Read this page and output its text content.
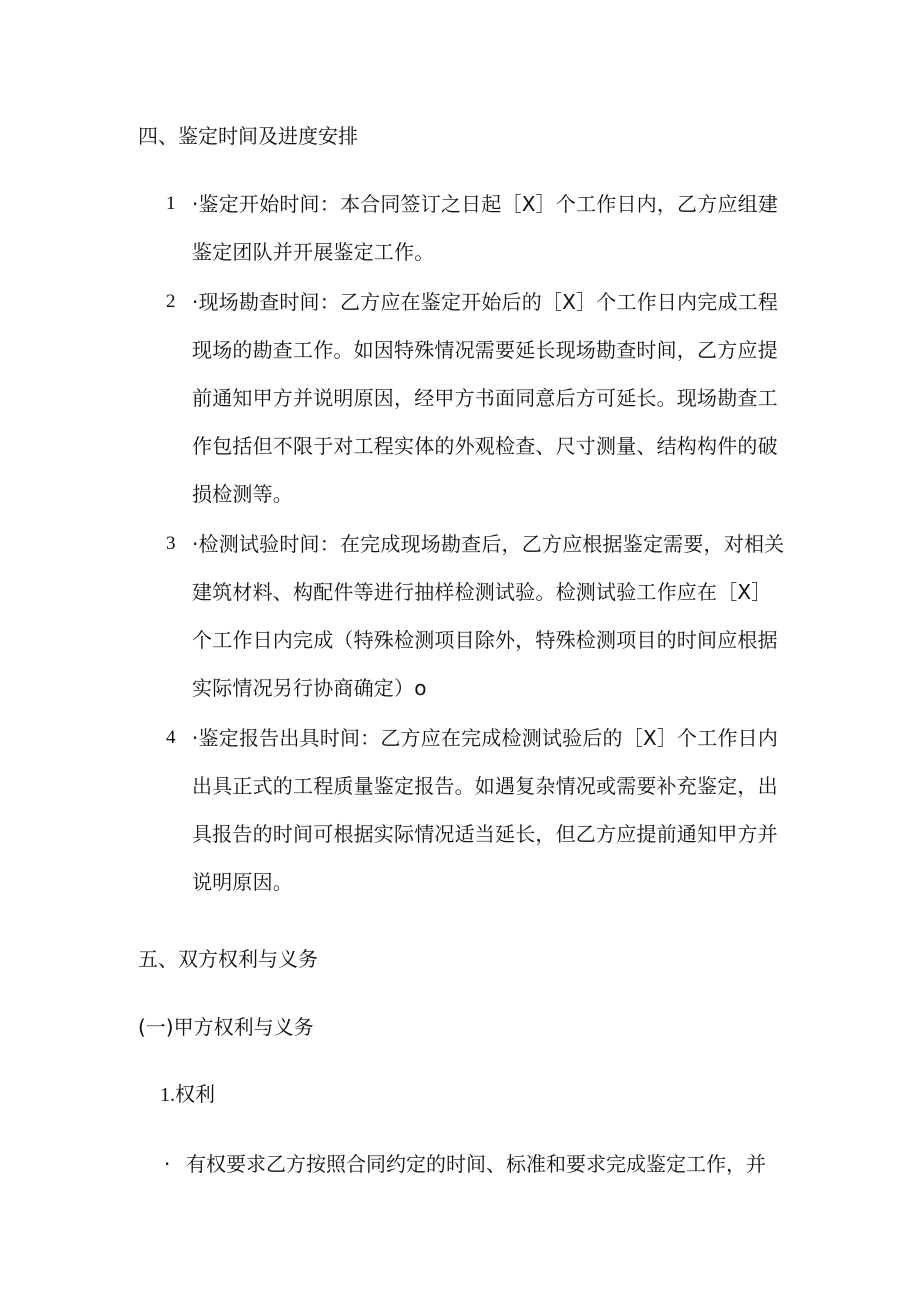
四、鉴定时间及进度安排
1 ·鉴定开始时间：本合同签订之日起［X］个工作日内，乙方应组建
鉴定团队并开展鉴定工作。
2 ·现场勘查时间：乙方应在鉴定开始后的［X］个工作日内完成工程
现场的勘查工作。如因特殊情况需要延长现场勘查时间，乙方应提
前通知甲方并说明原因，经甲方书面同意后方可延长。现场勘查工
作包括但不限于对工程实体的外观检查、尺寸测量、结构构件的破
损检测等。
3 ·检测试验时间：在完成现场勘查后，乙方应根据鉴定需要，对相关
建筑材料、构配件等进行抽样检测试验。检测试验工作应在［X］
个工作日内完成（特殊检测项目除外，特殊检测项目的时间应根据
实际情况另行协商确定）o
4 ·鉴定报告出具时间：乙方应在完成检测试验后的［X］个工作日内
出具正式的工程质量鉴定报告。如遇复杂情况或需要补充鉴定，出
具报告的时间可根据实际情况适当延长，但乙方应提前通知甲方并
说明原因。
五、双方权利与义务
(一)甲方权利与义务
1.权利
· 有权要求乙方按照合同约定的时间、标准和要求完成鉴定工作，并
